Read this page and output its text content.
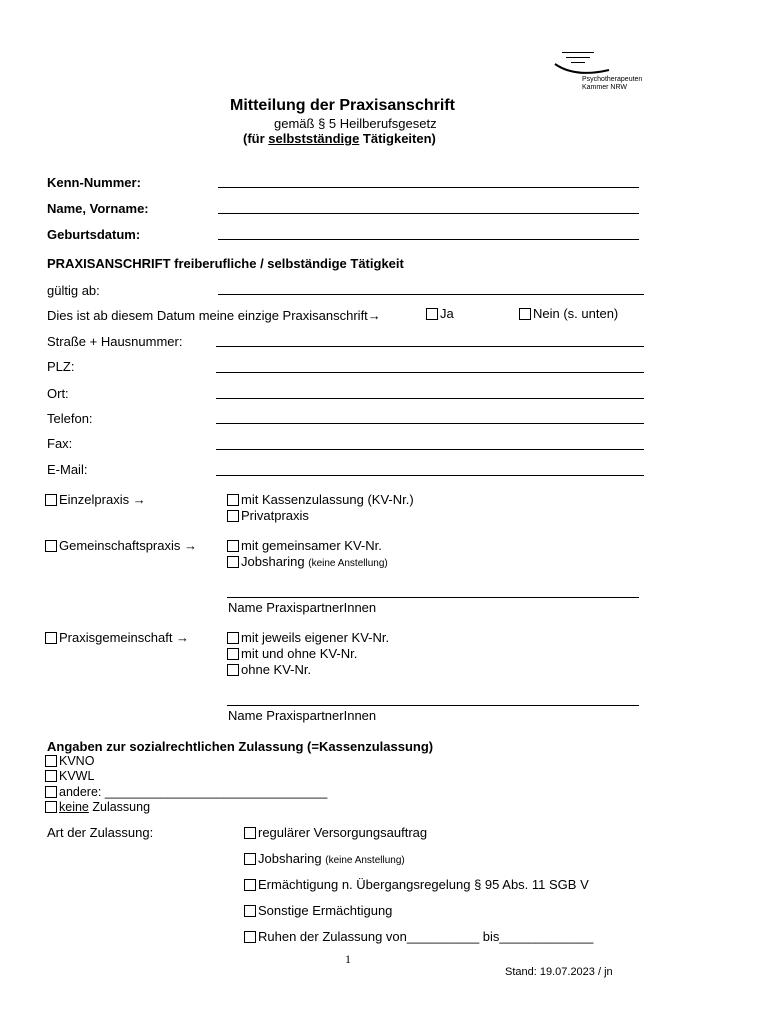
Psychotherapeuten
Kammer NRW
Mitteilung der Praxisanschrift
gemäß § 5 Heilberufsgesetz
(für selbstständige Tätigkeiten)
Kenn-Nummer:
Name, Vorname:
Geburtsdatum:
PRAXISANSCHRIFT freiberufliche / selbständige Tätigkeit
gültig ab:
Dies ist ab diesem Datum meine einzige Praxisanschrift→	Ja	Nein (s. unten)
Straße + Hausnummer:
PLZ:
Ort:
Telefon:
Fax:
E-Mail:
Einzelpraxis →	mit Kassenzulassung (KV-Nr.)
Privatpraxis
Gemeinschaftspraxis →	mit gemeinsamer KV-Nr.
Jobsharing (keine Anstellung)
Name PraxispartnerInnen
Praxisgemeinschaft →	mit jeweils eigener KV-Nr.
mit und ohne KV-Nr.
ohne KV-Nr.
Name PraxispartnerInnen
Angaben zur sozialrechtlichen Zulassung (=Kassenzulassung)
KVNO
KVWL
andere: ________________________________
keine Zulassung
Art der Zulassung:	regulärer Versorgungsauftrag
Jobsharing (keine Anstellung)
Ermächtigung n. Übergangsregelung § 95 Abs. 11 SGB V
Sonstige Ermächtigung
Ruhen der Zulassung von__________ bis_____________
1
Stand: 19.07.2023 / jn
